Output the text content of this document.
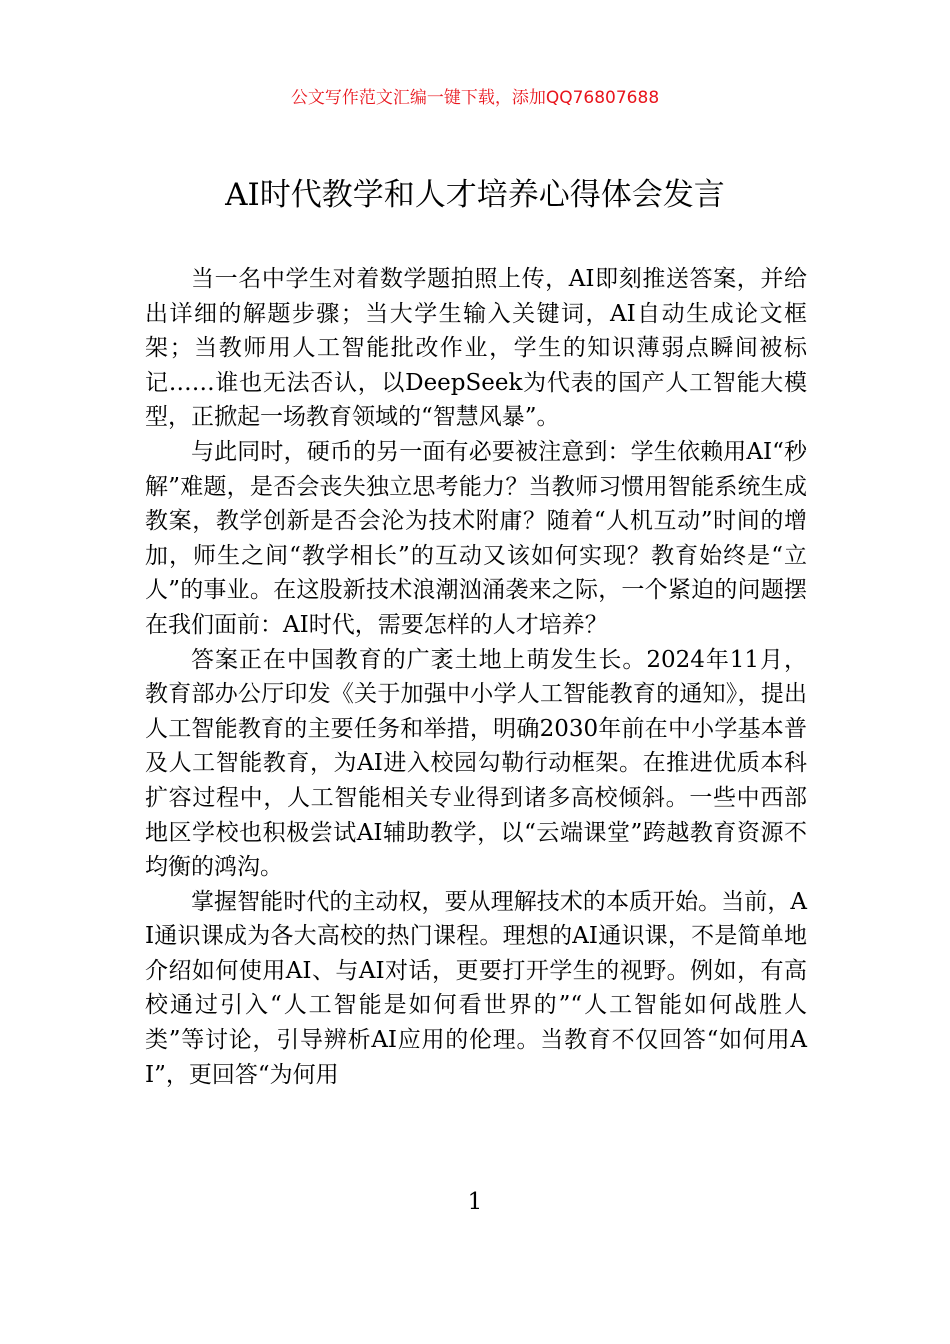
公文写作范文汇编一键下载，添加QQ76807688
AI时代教学和人才培养心得体会发言

当一名中学生对着数学题拍照上传，AI即刻推送答案，并给出详细的解题步骤；当大学生输入关键词，AI自动生成论文框架；当教师用人工智能批改作业，学生的知识薄弱点瞬间被标记……谁也无法否认，以DeepSeek为代表的国产人工智能大模型，正掀起一场教育领域的“智慧风暴”。

与此同时，硬币的另一面有必要被注意到：学生依赖用AI“秒解”难题，是否会丧失独立思考能力？当教师习惯用智能系统生成教案，教学创新是否会沦为技术附庸？随着“人机互动”时间的增加，师生之间“教学相长”的互动又该如何实现？教育始终是“立人”的事业。在这股新技术浪潮汹涌袭来之际，一个紧迫的问题摆在我们面前：AI时代，需要怎样的人才培养？

答案正在中国教育的广袤土地上萌发生长。2024年11月，教育部办公厅印发《关于加强中小学人工智能教育的通知》，提出人工智能教育的主要任务和举措，明确2030年前在中小学基本普及人工智能教育，为AI进入校园勾勒行动框架。在推进优质本科扩容过程中，人工智能相关专业得到诸多高校倾斜。一些中西部地区学校也积极尝试AI辅助教学，以“云端课堂”跨越教育资源不均衡的鸿沟。

掌握智能时代的主动权，要从理解技术的本质开始。当前，AI通识课成为各大高校的热门课程。理想的AI通识课，不是简单地介绍如何使用AI、与AI对话，更要打开学生的视野。例如，有高校通过引入“人工智能是如何看世界的”“人工智能如何战胜人类”等讨论，引导辨析AI应用的伦理。当教育不仅回答“如何用AI”，更回答“为何用

1
